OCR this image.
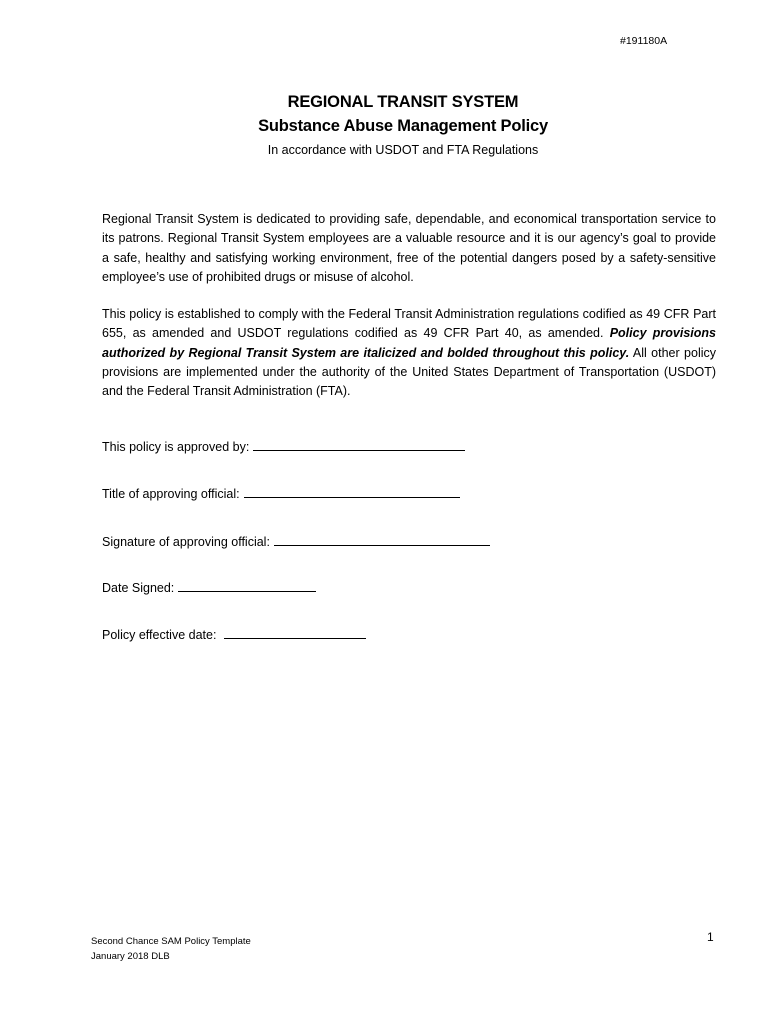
#191180A
REGIONAL TRANSIT SYSTEM
Substance Abuse Management Policy
In accordance with USDOT and FTA Regulations
Regional Transit System is dedicated to providing safe, dependable, and economical transportation service to its patrons. Regional Transit System employees are a valuable resource and it is our agency’s goal to provide a safe, healthy and satisfying working environment, free of the potential dangers posed by a safety-sensitive employee’s use of prohibited drugs or misuse of alcohol.
This policy is established to comply with the Federal Transit Administration regulations codified as 49 CFR Part 655, as amended and USDOT regulations codified as 49 CFR Part 40, as amended. Policy provisions authorized by Regional Transit System are italicized and bolded throughout this policy. All other policy provisions are implemented under the authority of the United States Department of Transportation (USDOT) and the Federal Transit Administration (FTA).
This policy is approved by:
Title of approving official:
Signature of approving official:
Date Signed:
Policy effective date:
Second Chance SAM Policy Template
January 2018 DLB
1
